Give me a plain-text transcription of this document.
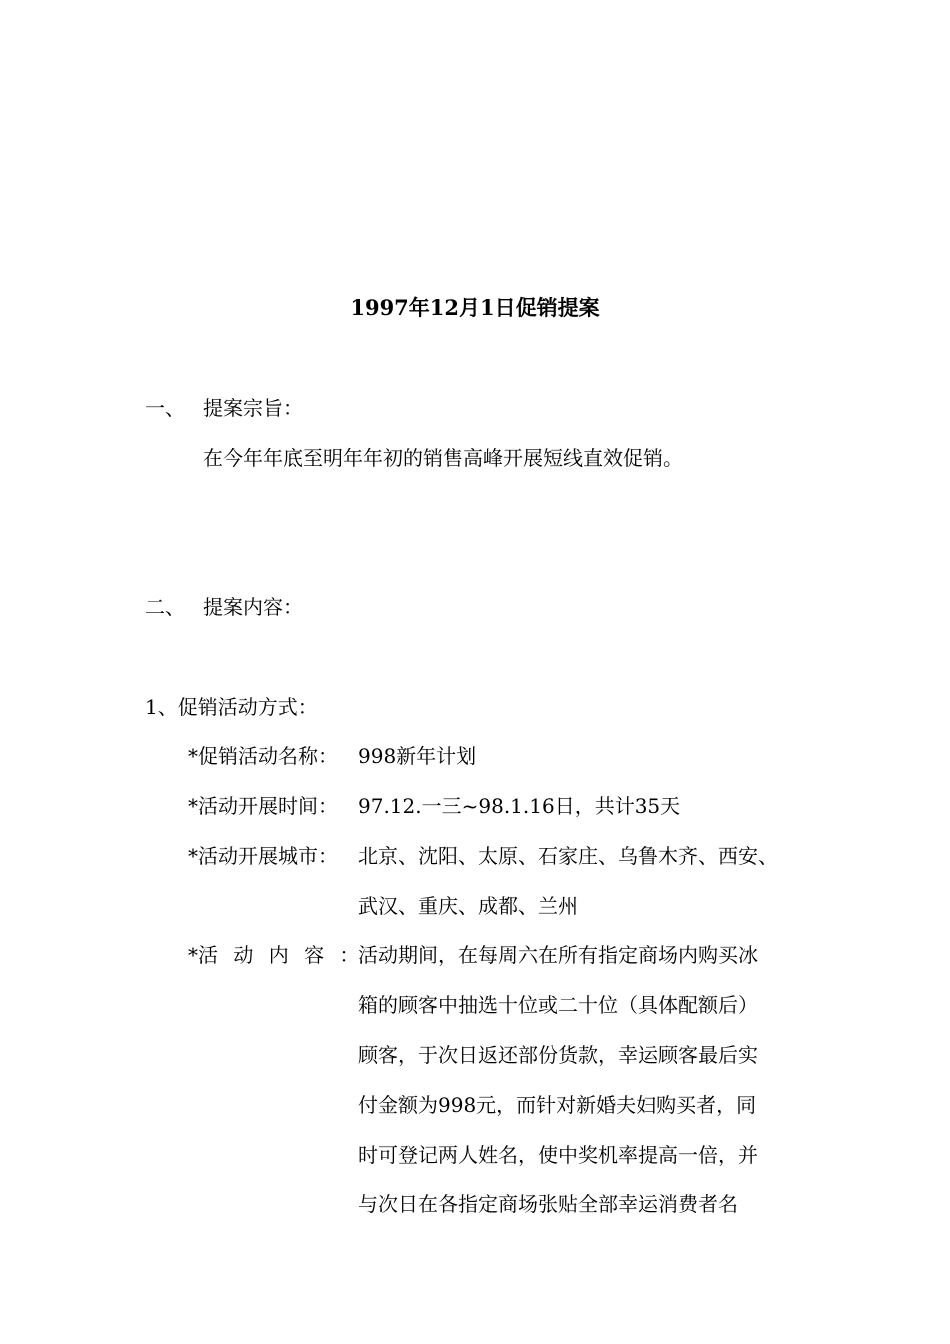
1997年12月1日促销提案
一、 提案宗旨：
在今年年底至明年年初的销售高峰开展短线直效促销。
二、 提案内容：
1、促销活动方式：
*促销活动名称： 998新年计划
*活动开展时间： 97.12.一三~98.1.16日，共计35天
*活动开展城市： 北京、沈阳、太原、石家庄、乌鲁木齐、西安、
武汉、重庆、成都、兰州
*活 动 内 容 ：
活动期间，在每周六在所有指定商场内购买冰
箱的顾客中抽选十位或二十位（具体配额后）
顾客，于次日返还部份货款，幸运顾客最后实
付金额为998元，而针对新婚夫妇购买者，同
时可登记两人姓名，使中奖机率提高一倍，并
与次日在各指定商场张贴全部幸运消费者名
